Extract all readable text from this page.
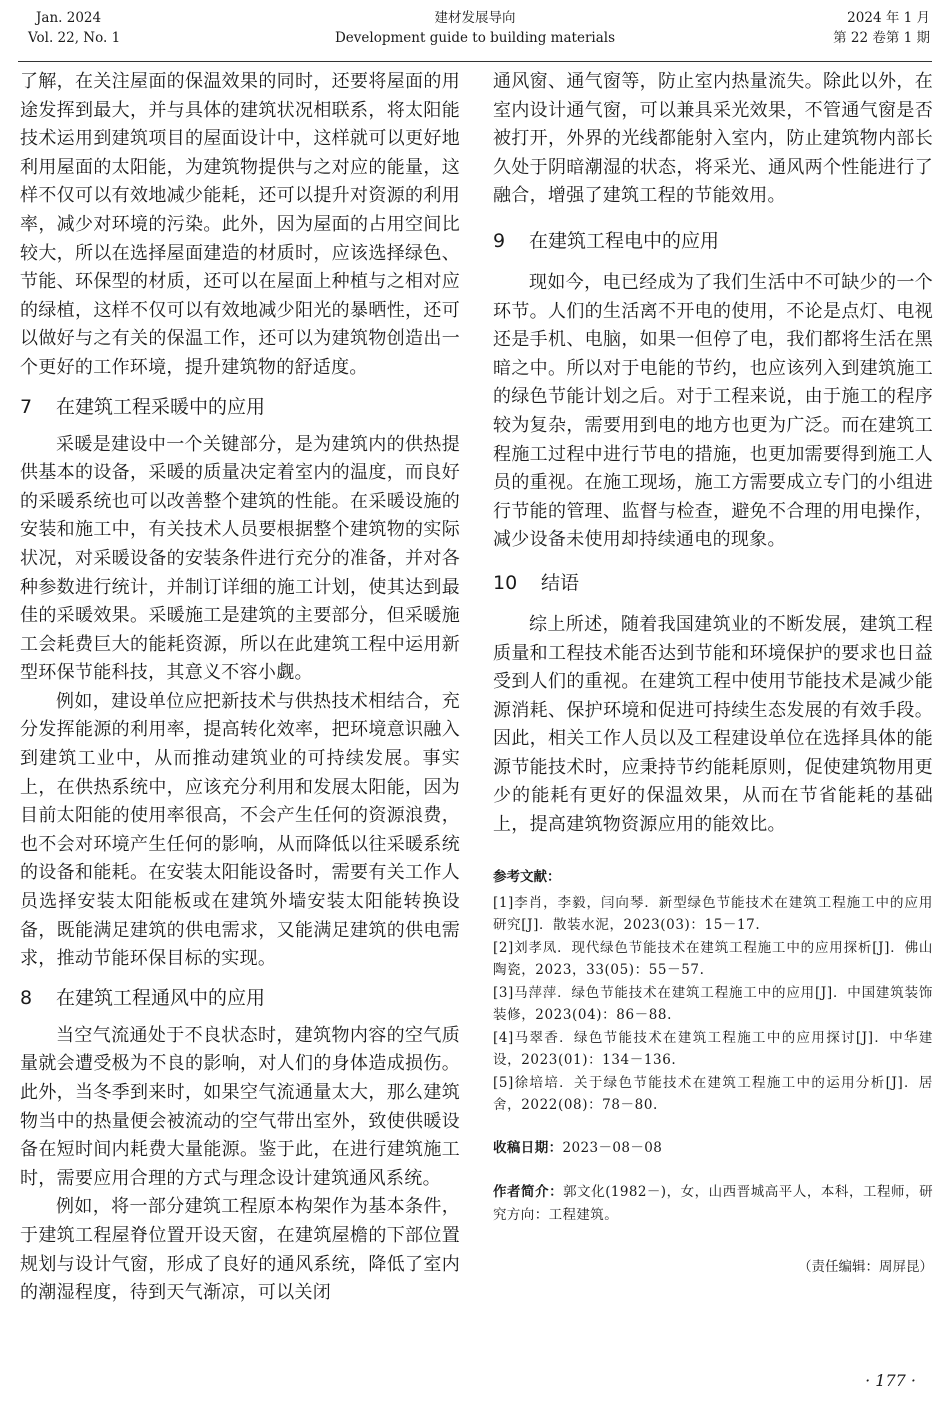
Jan. 2024
Vol. 22, No. 1
建材发展导向
Development guide to building materials
2024 年 1 月
第 22 卷第 1 期

了解，在关注屋面的保温效果的同时，还要将屋面的用途发挥到最大，并与具体的建筑状况相联系，将太阳能技术运用到建筑项目的屋面设计中，这样就可以更好地利用屋面的太阳能，为建筑物提供与之对应的能量，这样不仅可以有效地减少能耗，还可以提升对资源的利用率，减少对环境的污染。此外，因为屋面的占用空间比较大，所以在选择屋面建造的材质时，应该选择绿色、节能、环保型的材质，还可以在屋面上种植与之相对应的绿植，这样不仅可以有效地减少阳光的暴晒性，还可以做好与之有关的保温工作，还可以为建筑物创造出一个更好的工作环境，提升建筑物的舒适度。

7 在建筑工程采暖中的应用

采暖是建设中一个关键部分，是为建筑内的供热提供基本的设备，采暖的质量决定着室内的温度，而良好的采暖系统也可以改善整个建筑的性能。在采暖设施的安装和施工中，有关技术人员要根据整个建筑物的实际状况，对采暖设备的安装条件进行充分的准备，并对各种参数进行统计，并制订详细的施工计划，使其达到最佳的采暖效果。采暖施工是建筑的主要部分，但采暖施工会耗费巨大的能耗资源，所以在此建筑工程中运用新型环保节能科技，其意义不容小觑。

例如，建设单位应把新技术与供热技术相结合，充分发挥能源的利用率，提高转化效率，把环境意识融入到建筑工业中，从而推动建筑业的可持续发展。事实上，在供热系统中，应该充分利用和发展太阳能，因为目前太阳能的使用率很高，不会产生任何的资源浪费，也不会对环境产生任何的影响，从而降低以往采暖系统的设备和能耗。在安装太阳能设备时，需要有关工作人员选择安装太阳能板或在建筑外墙安装太阳能转换设备，既能满足建筑的供电需求，又能满足建筑的供电需求，推动节能环保目标的实现。

8 在建筑工程通风中的应用

当空气流通处于不良状态时，建筑物内容的空气质量就会遭受极为不良的影响，对人们的身体造成损伤。此外，当冬季到来时，如果空气流通量太大，那么建筑物当中的热量便会被流动的空气带出室外，致使供暖设备在短时间内耗费大量能源。鉴于此，在进行建筑施工时，需要应用合理的方式与理念设计建筑通风系统。

例如，将一部分建筑工程原本构架作为基本条件，于建筑工程屋脊位置开设天窗，在建筑屋檐的下部位置规划与设计气窗，形成了良好的通风系统，降低了室内的潮湿程度，待到天气渐凉，可以关闭

通风窗、通气窗等，防止室内热量流失。除此以外，在室内设计通气窗，可以兼具采光效果，不管通气窗是否被打开，外界的光线都能射入室内，防止建筑物内部长久处于阴暗潮湿的状态，将采光、通风两个性能进行了融合，增强了建筑工程的节能效用。

9 在建筑工程电中的应用

现如今，电已经成为了我们生活中不可缺少的一个环节。人们的生活离不开电的使用，不论是点灯、电视还是手机、电脑，如果一但停了电，我们都将生活在黑暗之中。所以对于电能的节约，也应该列入到建筑施工的绿色节能计划之后。对于工程来说，由于施工的程序较为复杂，需要用到电的地方也更为广泛。而在建筑工程施工过程中进行节电的措施，也更加需要得到施工人员的重视。在施工现场，施工方需要成立专门的小组进行节能的管理、监督与检查，避免不合理的用电操作，减少设备未使用却持续通电的现象。

10 结语

综上所述，随着我国建筑业的不断发展，建筑工程质量和工程技术能否达到节能和环境保护的要求也日益受到人们的重视。在建筑工程中使用节能技术是减少能源消耗、保护环境和促进可持续生态发展的有效手段。因此，相关工作人员以及工程建设单位在选择具体的能源节能技术时，应秉持节约能耗原则，促使建筑物用更少的能耗有更好的保温效果，从而在节省能耗的基础上，提高建筑物资源应用的能效比。

参考文献：

[1]李肖，李毅，闫向琴．新型绿色节能技术在建筑工程施工中的应用研究[J]．散装水泥，2023(03)：15－17.

[2]刘孝凤．现代绿色节能技术在建筑工程施工中的应用探析[J]．佛山陶瓷，2023，33(05)：55－57.

[3]马萍萍．绿色节能技术在建筑工程施工中的应用[J]．中国建筑装饰装修，2023(04)：86－88.

[4]马翠香．绿色节能技术在建筑工程施工中的应用探讨[J]．中华建设，2023(01)：134－136.

[5]徐培培．关于绿色节能技术在建筑工程施工中的运用分析[J]．居舍，2022(08)：78－80.

收稿日期：2023－08－08

作者简介：郭文化(1982－)，女，山西晋城高平人，本科，工程师，研究方向：工程建筑。

（责任编辑：周屏昆）

· 177 ·
